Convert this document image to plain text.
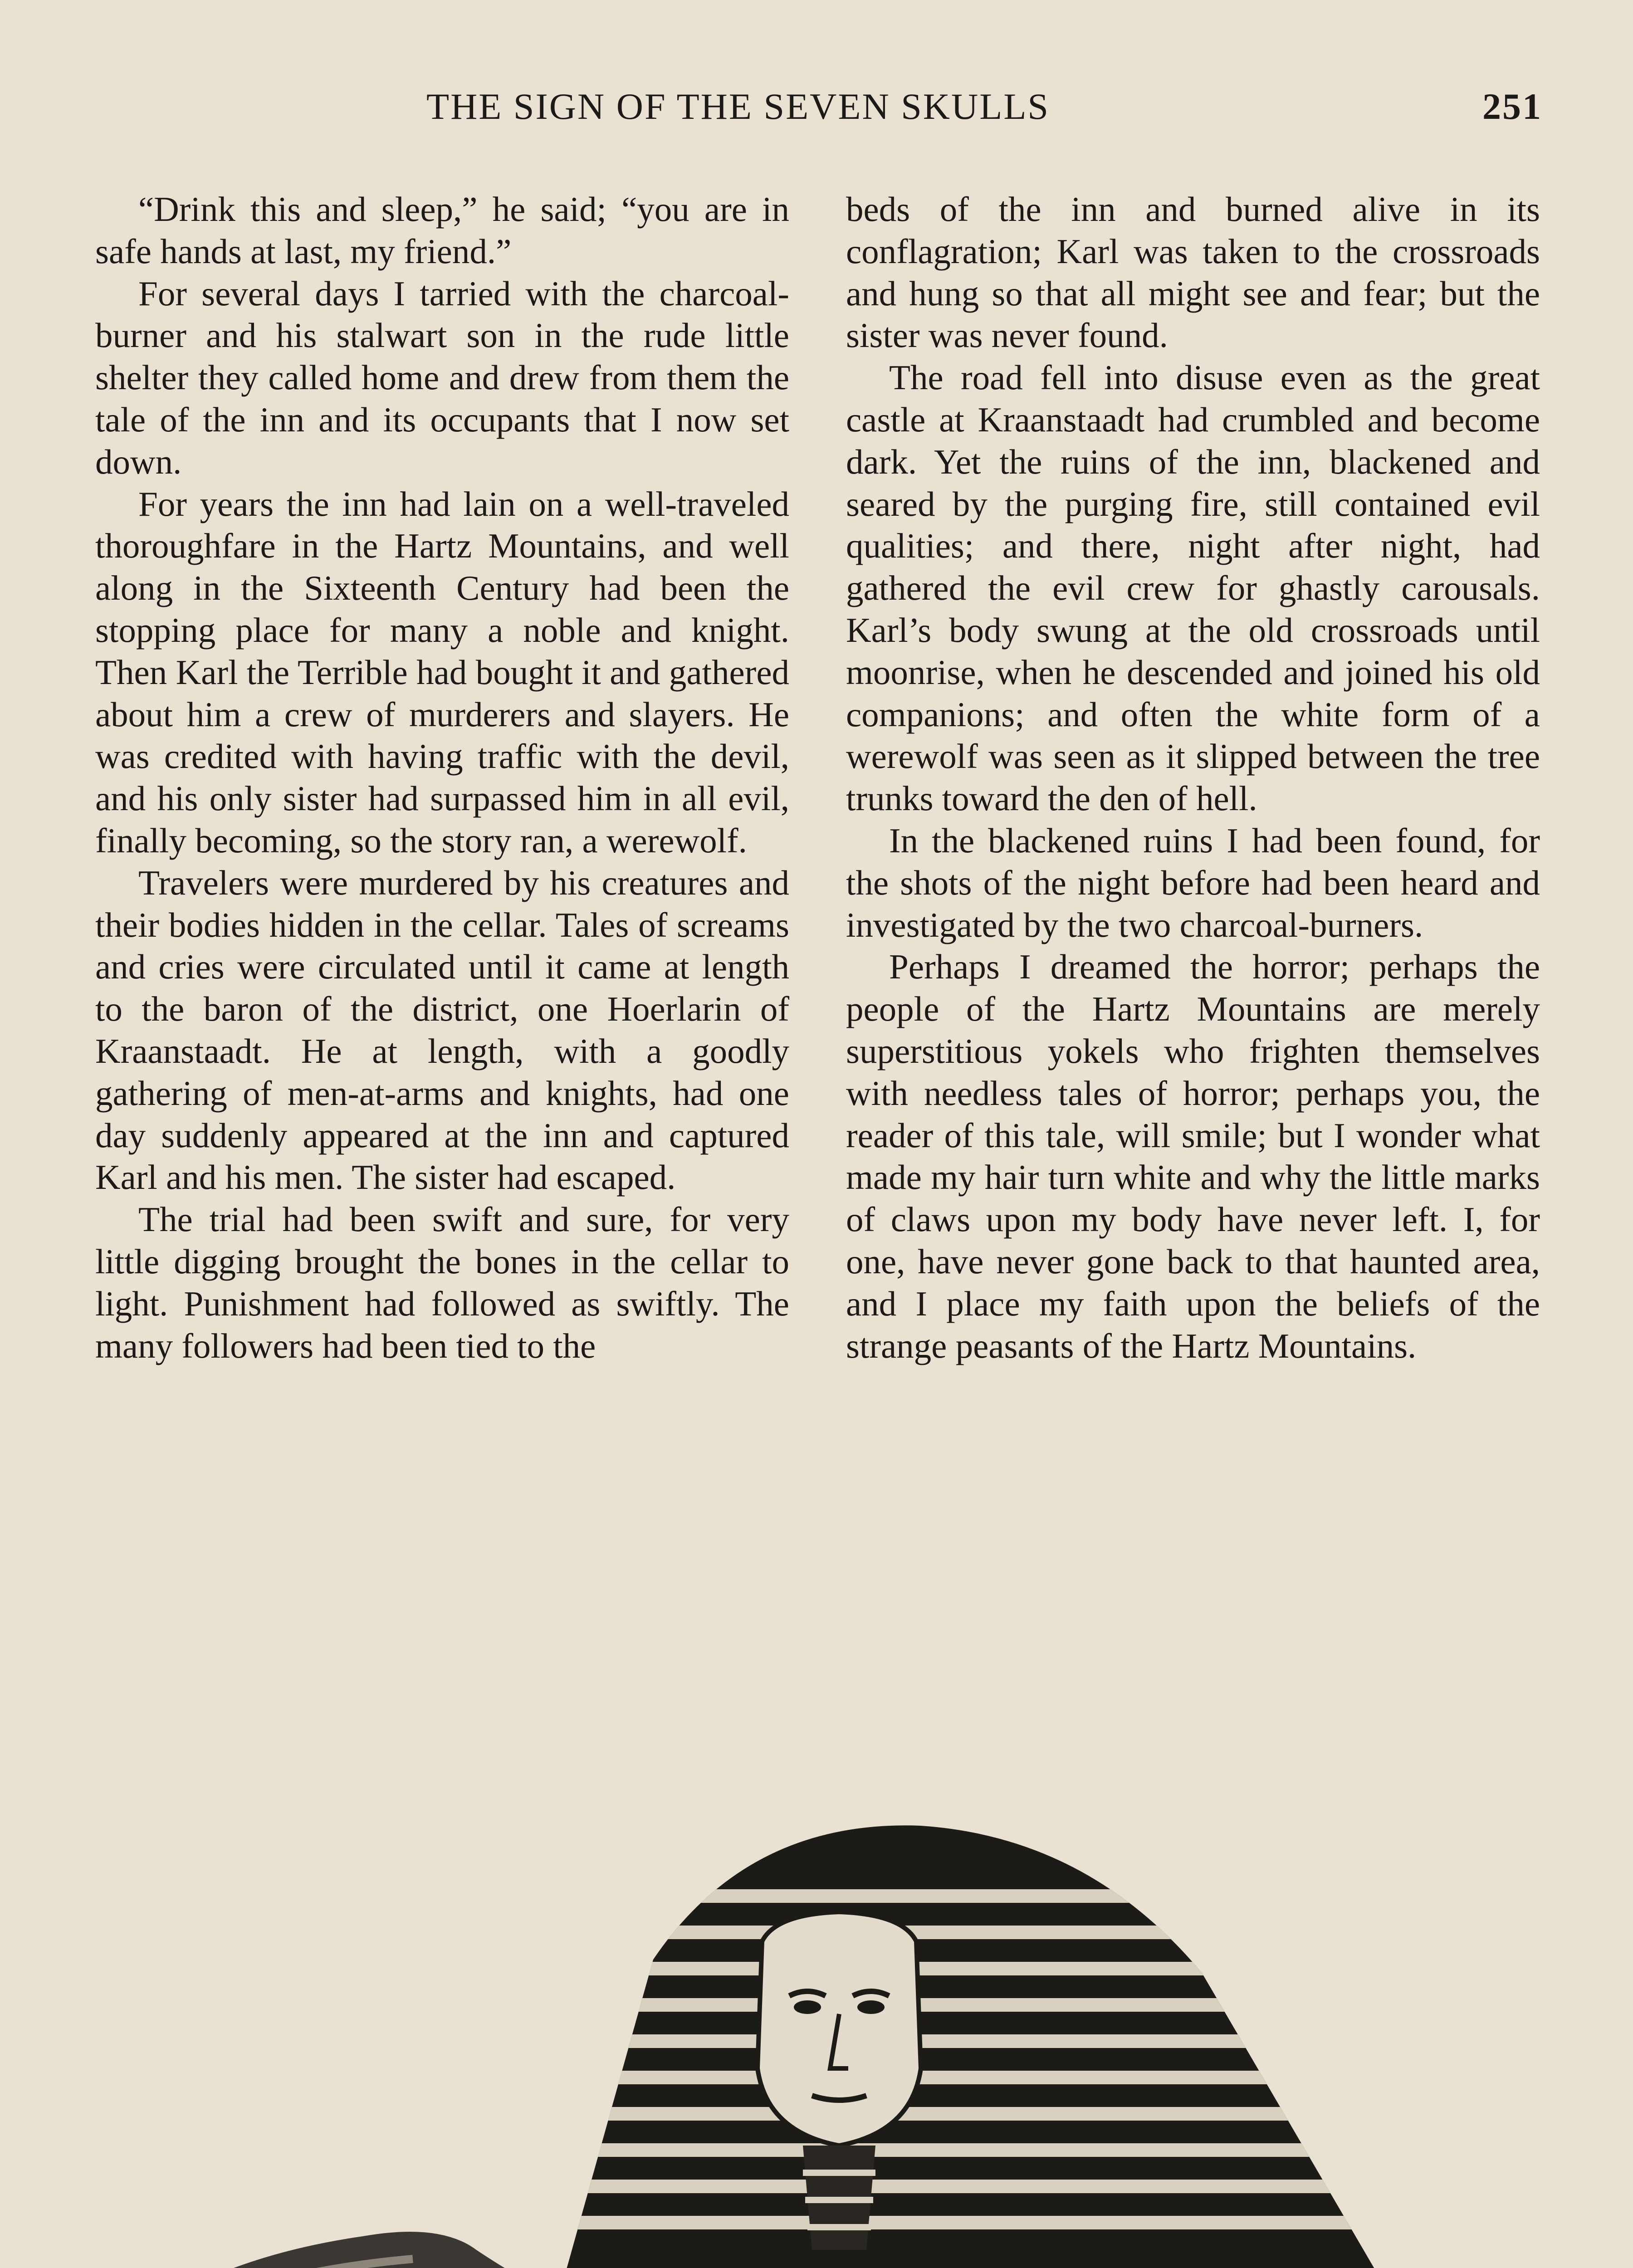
THE SIGN OF THE SEVEN SKULLS	251

“Drink this and sleep,” he said; “you are in safe hands at last, my friend.”

For several days I tarried with the charcoal-burner and his stalwart son in the rude little shelter they called home and drew from them the tale of the inn and its occupants that I now set down.

For years the inn had lain on a well-traveled thoroughfare in the Hartz Mountains, and well along in the Sixteenth Century had been the stopping place for many a noble and knight. Then Karl the Terrible had bought it and gathered about him a crew of murderers and slayers. He was credited with having traffic with the devil, and his only sister had surpassed him in all evil, finally becoming, so the story ran, a werewolf.

Travelers were murdered by his creatures and their bodies hidden in the cellar. Tales of screams and cries were circulated until it came at length to the baron of the district, one Hoerlarin of Kraanstaadt. He at length, with a goodly gathering of men-at-arms and knights, had one day suddenly appeared at the inn and captured Karl and his men. The sister had escaped.

The trial had been swift and sure, for very little digging brought the bones in the cellar to light. Punishment had followed as swiftly. The many followers had been tied to the

beds of the inn and burned alive in its conflagration; Karl was taken to the crossroads and hung so that all might see and fear; but the sister was never found.

The road fell into disuse even as the great castle at Kraanstaadt had crumbled and become dark. Yet the ruins of the inn, blackened and seared by the purging fire, still contained evil qualities; and there, night after night, had gathered the evil crew for ghastly carousals. Karl’s body swung at the old crossroads until moonrise, when he descended and joined his old companions; and often the white form of a werewolf was seen as it slipped between the tree trunks toward the den of hell.

In the blackened ruins I had been found, for the shots of the night before had been heard and investigated by the two charcoal-burners.

Perhaps I dreamed the horror; perhaps the people of the Hartz Mountains are merely superstitious yokels who frighten themselves with needless tales of horror; perhaps you, the reader of this tale, will smile; but I wonder what made my hair turn white and why the little marks of claws upon my body have never left. I, for one, have never gone back to that haunted area, and I place my faith upon the beliefs of the strange peasants of the Hartz Mountains.
